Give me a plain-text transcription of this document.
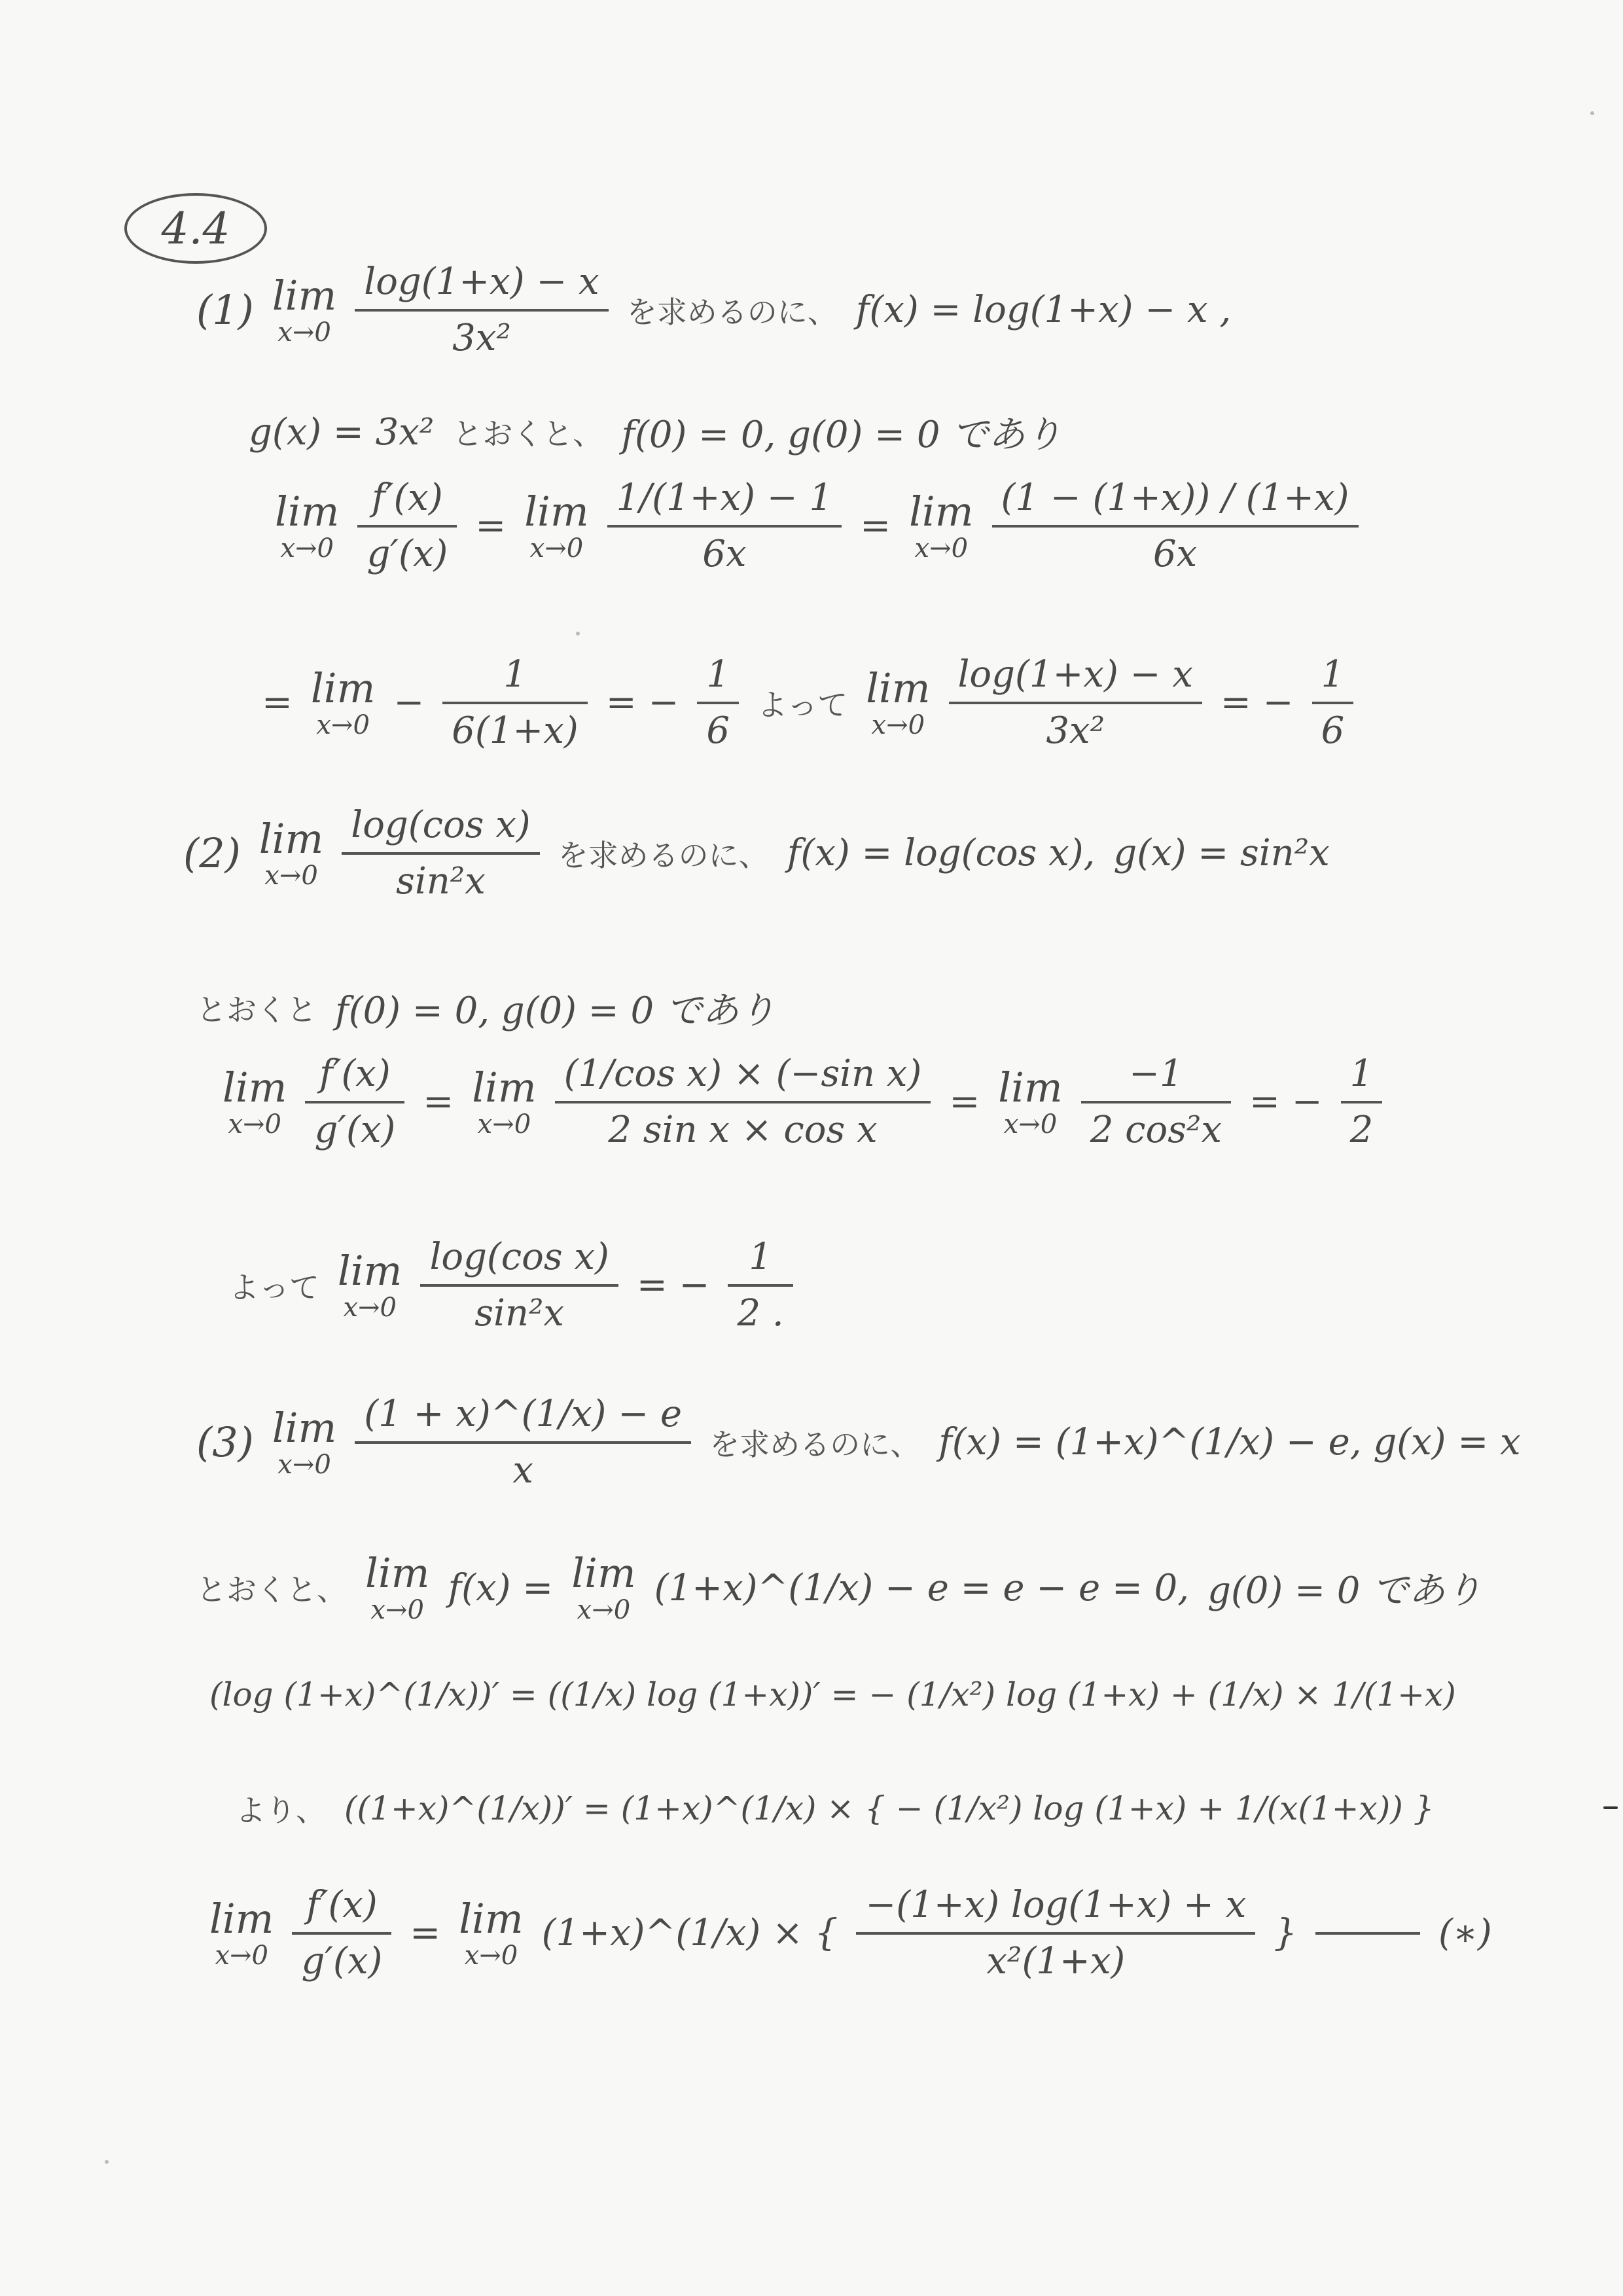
4.4
(1) lim
$x\to 0 \frac{\log(1+x) - x}{\text{3x²}}$ を求めるのに、 f(x) = log(1+x) − x ,
g(x) = 3x² とおくと、 f(0) = 0, g(0) = 0 であり
lim
$x\to 0 \frac{f'(x)}{g'(x)} = \lim$
$x\to 0 \frac{1/(1+x) - 1}{6x} = \lim$
$x\to 0 \frac{(1 - (1+x)) / (1+x)}{6x}$
= lim
x→0
− $\frac{1}{6(1+x)}$ = − $\frac{1}{6}$ よって lim
$x\to 0 \frac{\log(1+x) - x}{\text{3x²}}$ = − $\frac{1}{6}$
(2) lim
$x\to 0 \frac{\text{log(cos x)}}{\text{sin²x}}$ を求めるのに、 f(x) = log(cos x), g(x) = sin²x
とおくと f(0) = 0, g(0) = 0 であり
lim
$x\to 0 \frac{f'(x)}{g'(x)} = \lim$
$x\to 0 \frac{\text{(1/cos x) × (−sin x)}}{\text{2 sin x × cos x}} = \lim$
$x\to 0 \frac{-1}{\text{2 cos²x}}$ = − $\frac{1}{2}$
よって lim
$x\to 0 \frac{\text{log(cos x)}}{\text{sin²x}}$ = − $\frac{1}{2 .}$
(3) lim
$x\to 0 \frac{(1 + x)\^{}(1/x) - e}{x}$ を求めるのに、 f(x) = (1+x)^(1/x) − e, g(x) = x
とおくと、 lim
x→0
f(x) = lim
x→0
(1+x)^(1/x) − e = e − e = 0, g(0) = 0 であり
(log (1+x)^(1/x))′ = ((1/x) log (1+x))′ = − (1/x²) log (1+x) + (1/x) × 1/(1+x)
より、 ((1+x)^(1/x))′ = (1+x)^(1/x) × { − (1/x²) log (1+x) + 1/(x(1+x)) }
lim
$x\to 0 \frac{f'(x)}{g'(x)} = \lim$
x→0
(1+x)^(1/x) × { $\frac{-(1+x) \log(1+x) + x}{\text{x²(1+x)}}$ }	(∗)
